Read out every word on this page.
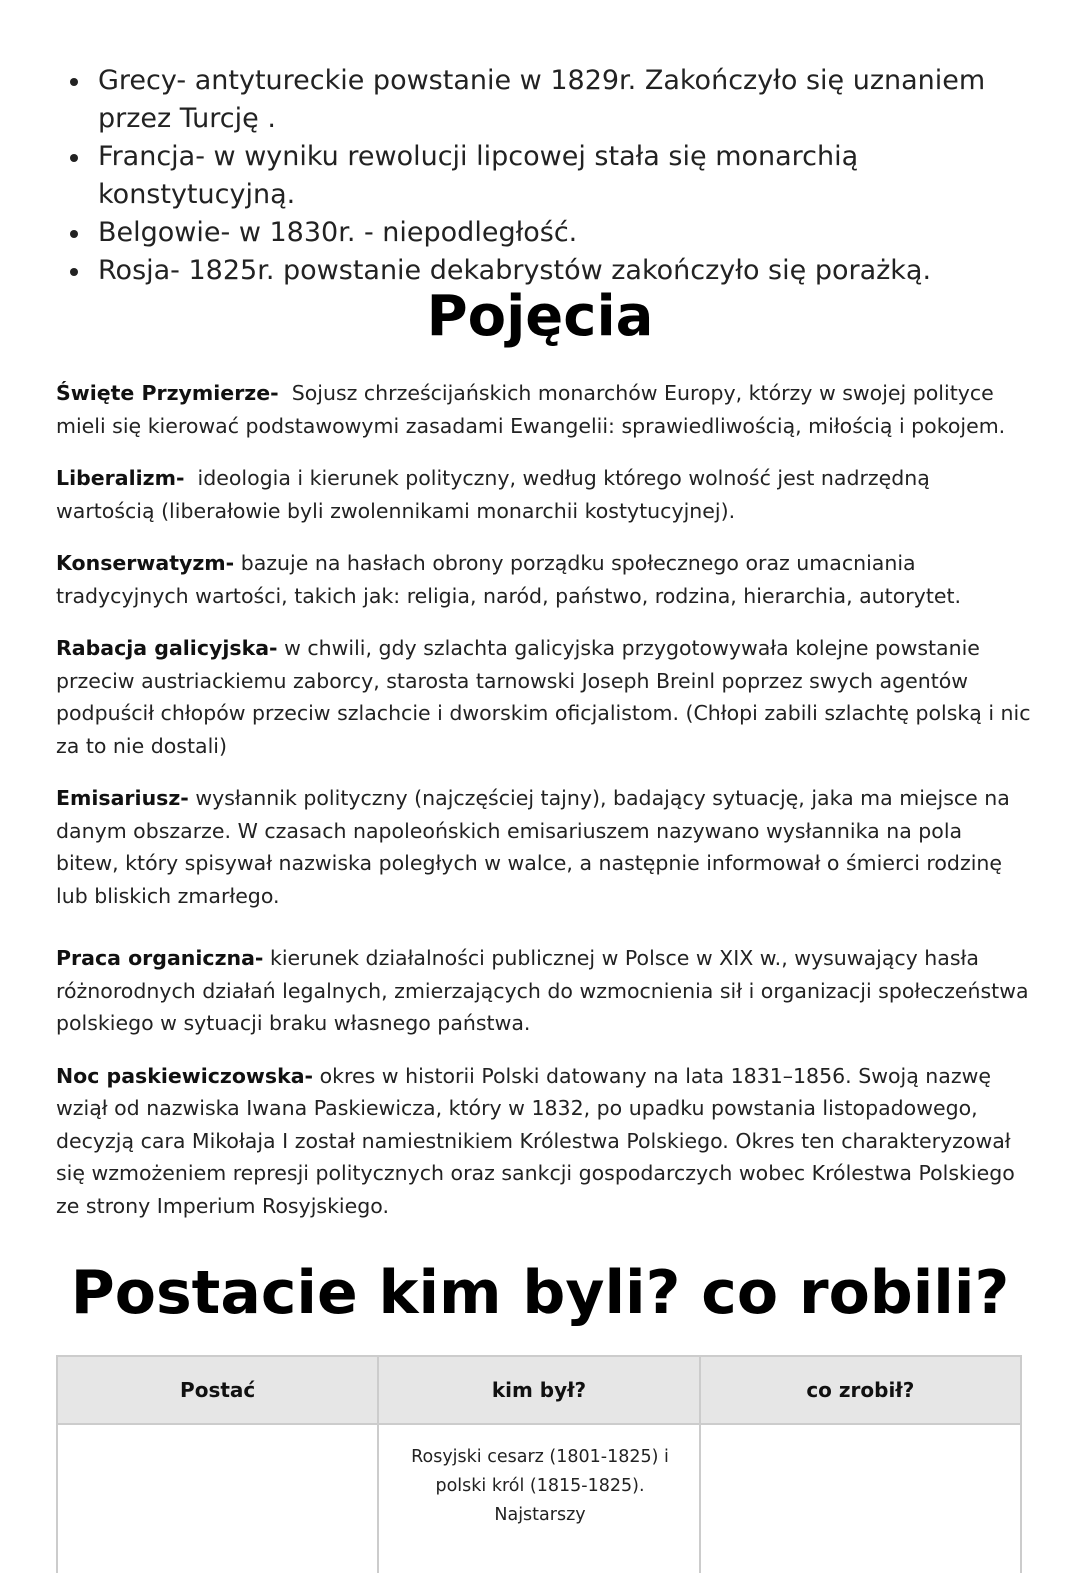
Grecy- antytureckie powstanie w 1829r. Zakończyło się uznaniem przez Turcję .
Francja- w wyniku rewolucji lipcowej stała się monarchią konstytucyjną.
Belgowie- w 1830r. - niepodległość.
Rosja- 1825r. powstanie dekabrystów zakończyło się porażką.
Pojęcia

Święte Przymierze- Sojusz chrześcijańskich monarchów Europy, którzy w swojej polityce mieli się kierować podstawowymi zasadami Ewangelii: sprawiedliwością, miłością i pokojem.

Liberalizm- ideologia i kierunek polityczny, według którego wolność jest nadrzędną wartością (liberałowie byli zwolennikami monarchii kostytucyjnej).

Konserwatyzm- bazuje na hasłach obrony porządku społecznego oraz umacniania tradycyjnych wartości, takich jak: religia, naród, państwo, rodzina, hierarchia, autorytet.

Rabacja galicyjska- w chwili, gdy szlachta galicyjska przygotowywała kolejne powstanie przeciw austriackiemu zaborcy, starosta tarnowski Joseph Breinl poprzez swych agentów podpuścił chłopów przeciw szlachcie i dworskim oficjalistom. (Chłopi zabili szlachtę polską i nic za to nie dostali)

Emisariusz- wysłannik polityczny (najczęściej tajny), badający sytuację, jaka ma miejsce na danym obszarze. W czasach napoleońskich emisariuszem nazywano wysłannika na pola bitew, który spisywał nazwiska poległych w walce, a następnie informował o śmierci rodzinę lub bliskich zmarłego.

Praca organiczna- kierunek działalności publicznej w Polsce w XIX w., wysuwający hasła różnorodnych działań legalnych, zmierzających do wzmocnienia sił i organizacji społeczeństwa polskiego w sytuacji braku własnego państwa.

Noc paskiewiczowska- okres w historii Polski datowany na lata 1831–1856. Swoją nazwę wziął od nazwiska Iwana Paskiewicza, który w 1832, po upadku powstania listopadowego, decyzją cara Mikołaja I został namiestnikiem Królestwa Polskiego. Okres ten charakteryzował się wzmożeniem represji politycznych oraz sankcji gospodarczych wobec Królestwa Polskiego ze strony Imperium Rosyjskiego.

Postacie kim byli? co robili?
Postać	kim był?	co zrobił?
	Rosyjski cesarz (1801-1825) i polski król (1815-1825). Najstarszy	
